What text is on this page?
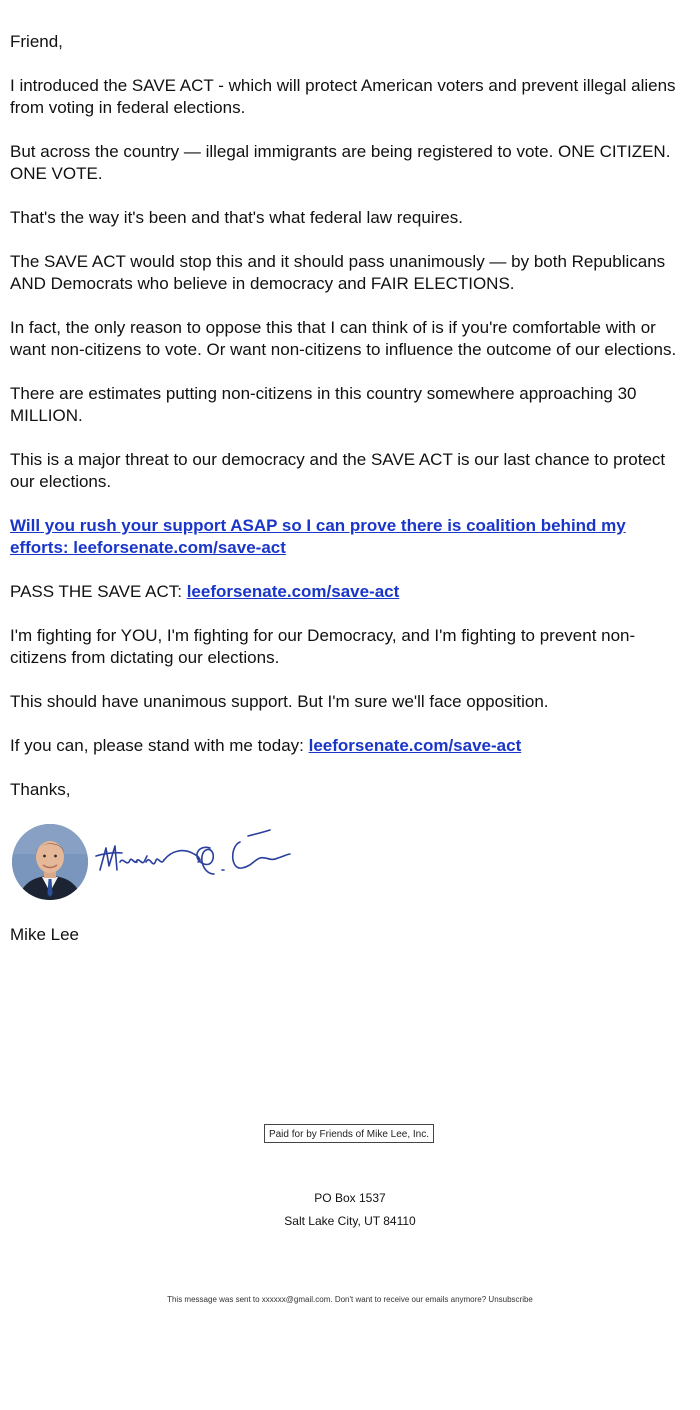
Friend,

I introduced the SAVE ACT - which will protect American voters and prevent illegal aliens from voting in federal elections.

But across the country — illegal immigrants are being registered to vote. ONE CITIZEN. ONE VOTE.

That's the way it's been and that's what federal law requires.

The SAVE ACT would stop this and it should pass unanimously — by both Republicans AND Democrats who believe in democracy and FAIR ELECTIONS.

In fact, the only reason to oppose this that I can think of is if you're comfortable with or want non-citizens to vote. Or want non-citizens to influence the outcome of our elections.

There are estimates putting non-citizens in this country somewhere approaching 30 MILLION.

This is a major threat to our democracy and the SAVE ACT is our last chance to protect our elections.

Will you rush your support ASAP so I can prove there is coalition behind my efforts: leeforsenate.com/save-act

PASS THE SAVE ACT: leeforsenate.com/save-act

I'm fighting for YOU, I'm fighting for our Democracy, and I'm fighting to prevent non-citizens from dictating our elections.

This should have unanimous support. But I'm sure we'll face opposition.

If you can, please stand with me today: leeforsenate.com/save-act

Thanks,

Mike Lee

Paid for by Friends of Mike Lee, Inc.
PO Box 1537
Salt Lake City, UT 84110
This message was sent to xxxxxx@gmail.com. Don't want to receive our emails anymore? Unsubscribe
